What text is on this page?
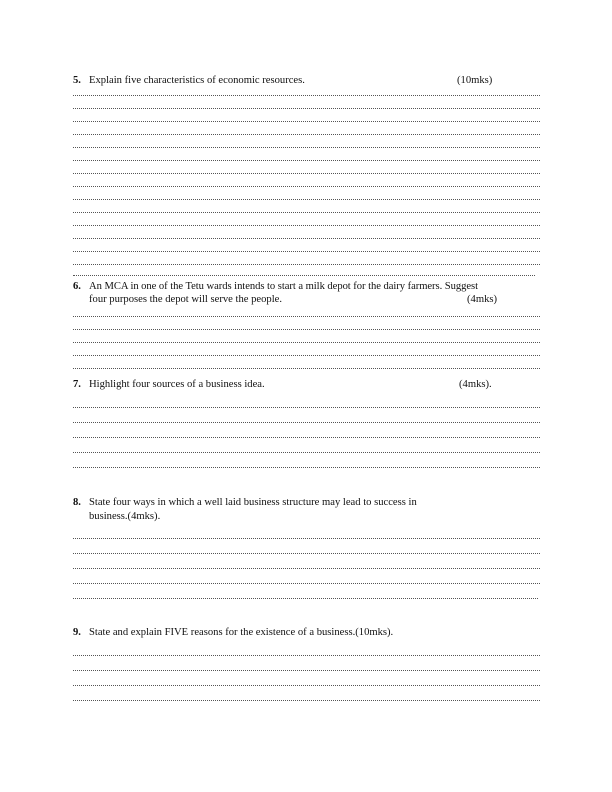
5. Explain five characteristics of economic resources.	(10mks)
6. An MCA in one of the Tetu wards intends to start a milk depot for the dairy farmers. Suggest
four purposes the depot will serve the people.	(4mks)
7. Highlight four sources of a business idea.	(4mks).
8. State four ways in which a well laid business structure may lead to success in
business.(4mks).
9. State and explain FIVE reasons for the existence of a business.(10mks).
